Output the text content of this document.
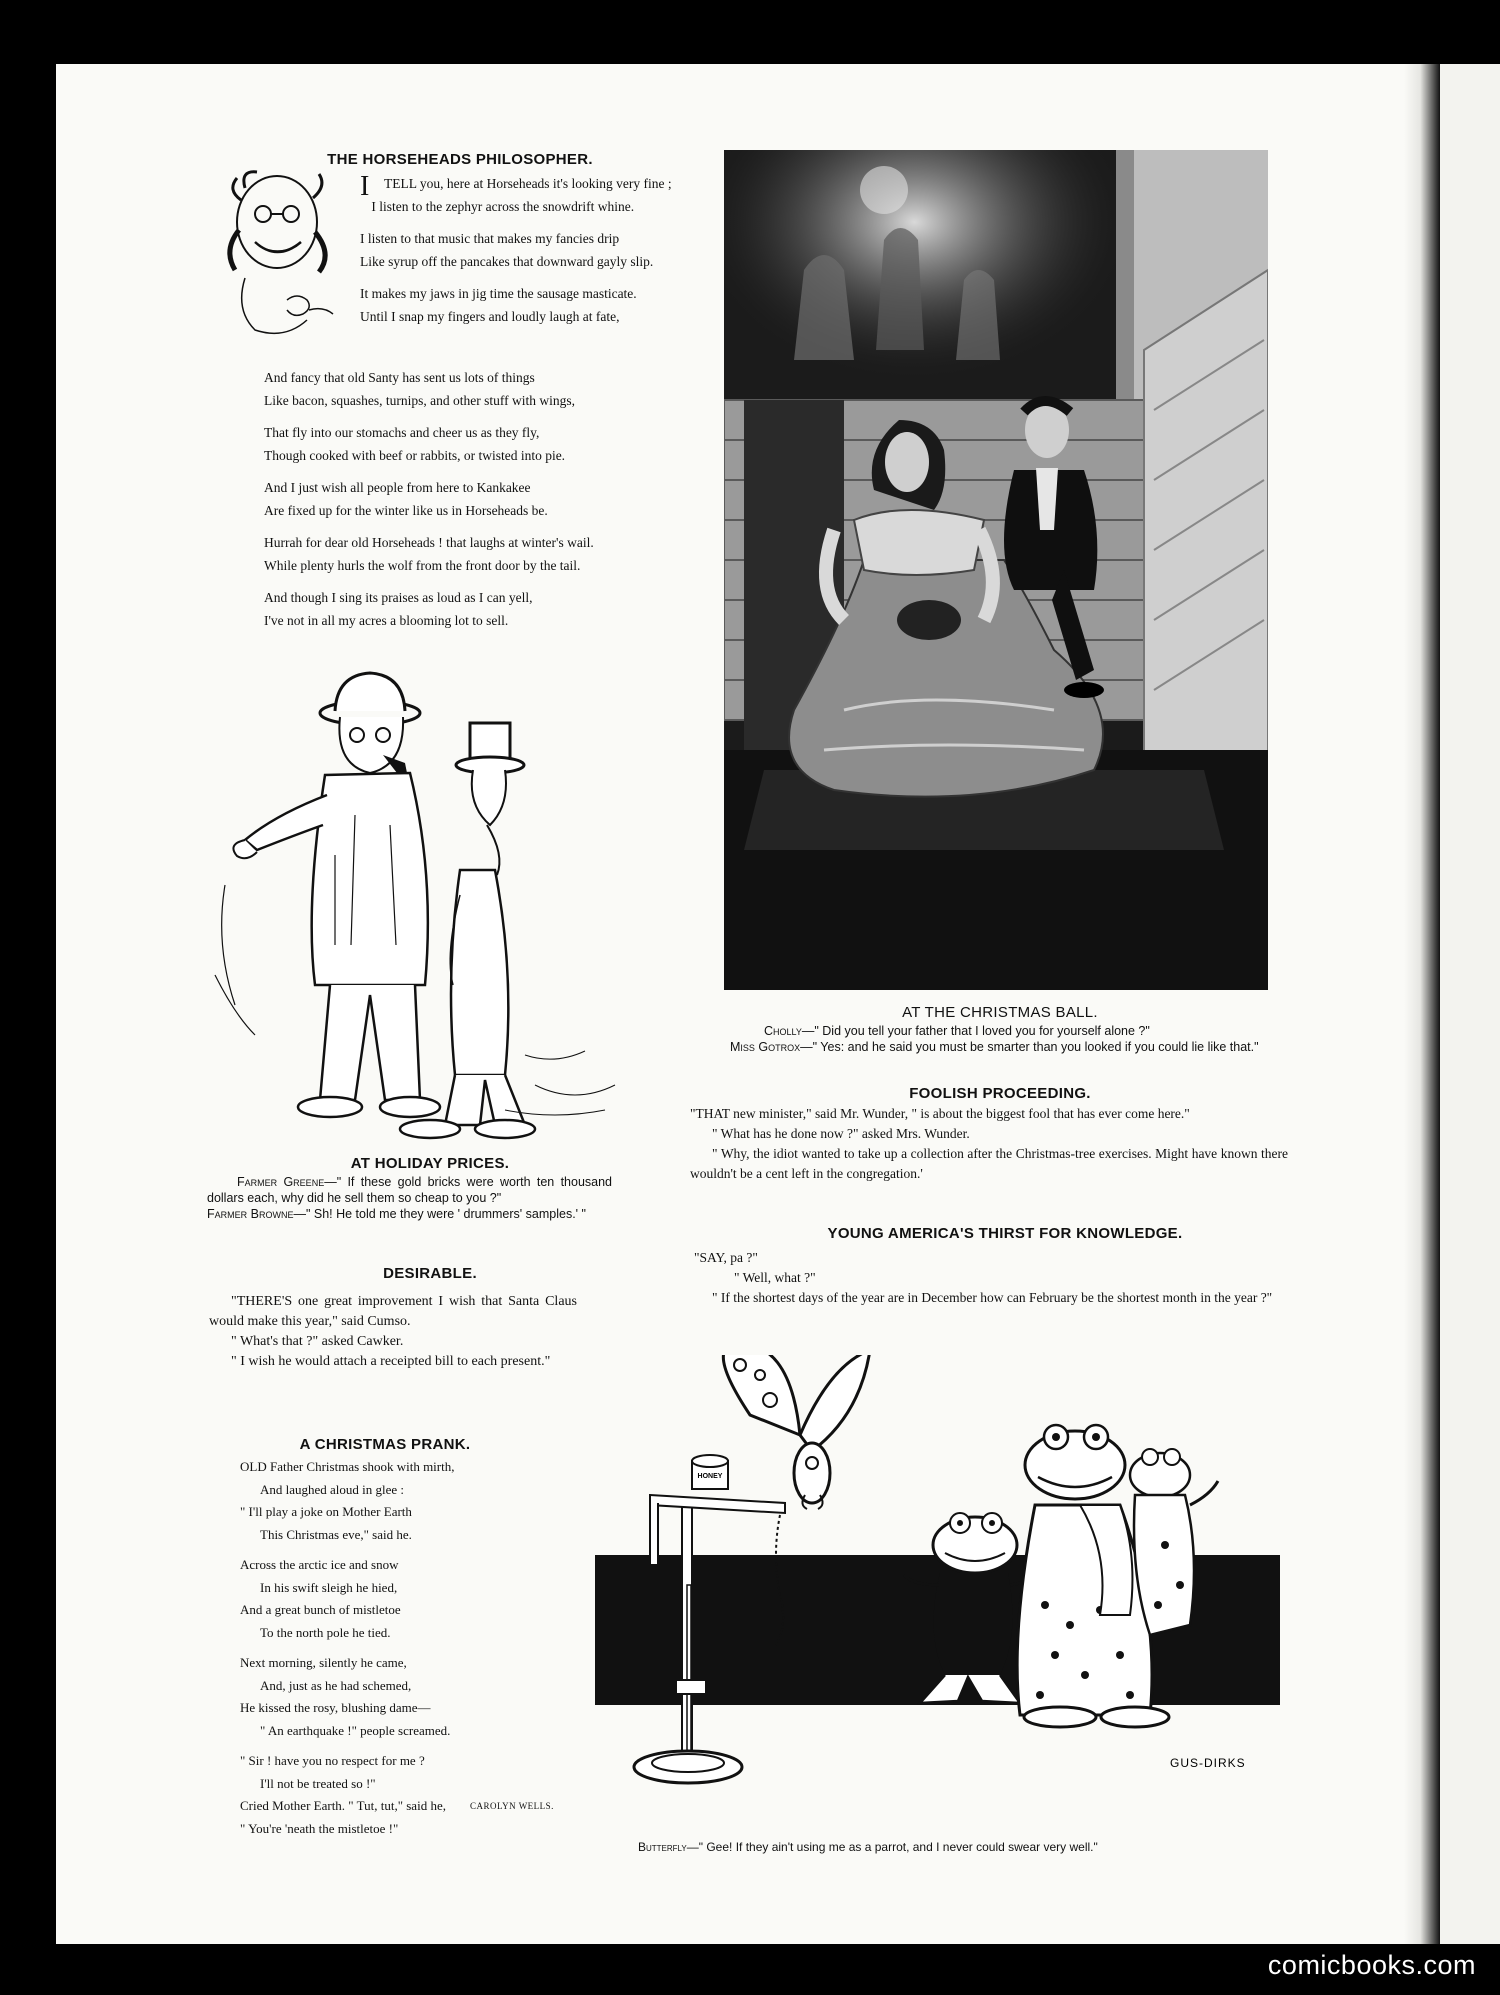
THE HORSEHEADS PHILOSOPHER.

I TELL you, here at Horseheads it's looking very fine ;

I listen to the zephyr across the snowdrift whine.

I listen to that music that makes my fancies drip

Like syrup off the pancakes that downward gayly slip.

It makes my jaws in jig time the sausage masticate.

Until I snap my fingers and loudly laugh at fate,

And fancy that old Santy has sent us lots of things

Like bacon, squashes, turnips, and other stuff with wings,

That fly into our stomachs and cheer us as they fly,

Though cooked with beef or rabbits, or twisted into pie.

And I just wish all people from here to Kankakee

Are fixed up for the winter like us in Horseheads be.

Hurrah for dear old Horseheads ! that laughs at winter's wail.

While plenty hurls the wolf from the front door by the tail.

And though I sing its praises as loud as I can yell,

I've not in all my acres a blooming lot to sell.

AT HOLIDAY PRICES.
Farmer Greene—" If these gold bricks were worth ten thousand dollars each, why did he sell them so cheap to you ?"
Farmer Browne—" Sh! He told me they were ' drummers' samples.' "
DESIRABLE.

"THERE'S one great improvement I wish that Santa Claus would make this year," said Cumso.

" What's that ?" asked Cawker.

" I wish he would attach a receipted bill to each present."

A CHRISTMAS PRANK.

OLD Father Christmas shook with mirth,

And laughed aloud in glee :

" I'll play a joke on Mother Earth

This Christmas eve," said he.

Across the arctic ice and snow

In his swift sleigh he hied,

And a great bunch of mistletoe

To the north pole he tied.

Next morning, silently he came,

And, just as he had schemed,

He kissed the rosy, blushing dame—

" An earthquake !" people screamed.

" Sir ! have you no respect for me ?

I'll not be treated so !"

Cried Mother Earth. " Tut, tut," said he,

" You're 'neath the mistletoe !"

CAROLYN WELLS.
AT THE CHRISTMAS BALL.
Cholly—" Did you tell your father that I loved you for yourself alone ?"
Miss Gotrox—" Yes: and he said you must be smarter than you looked if you could lie like that."
FOOLISH PROCEEDING.

"THAT new minister," said Mr. Wunder, " is about the biggest fool that has ever come here."

" What has he done now ?" asked Mrs. Wunder.

" Why, the idiot wanted to take up a collection after the Christmas-tree exercises. Might have known there wouldn't be a cent left in the congregation.'

YOUNG AMERICA'S THIRST FOR KNOWLEDGE.

"SAY, pa ?"

" Well, what ?"

" If the shortest days of the year are in December how can February be the shortest month in the year ?"

HONEY
GUS-DIRKS
Butterfly—" Gee! If they ain't using me as a parrot, and I never could swear very well."
comicbooks.com
